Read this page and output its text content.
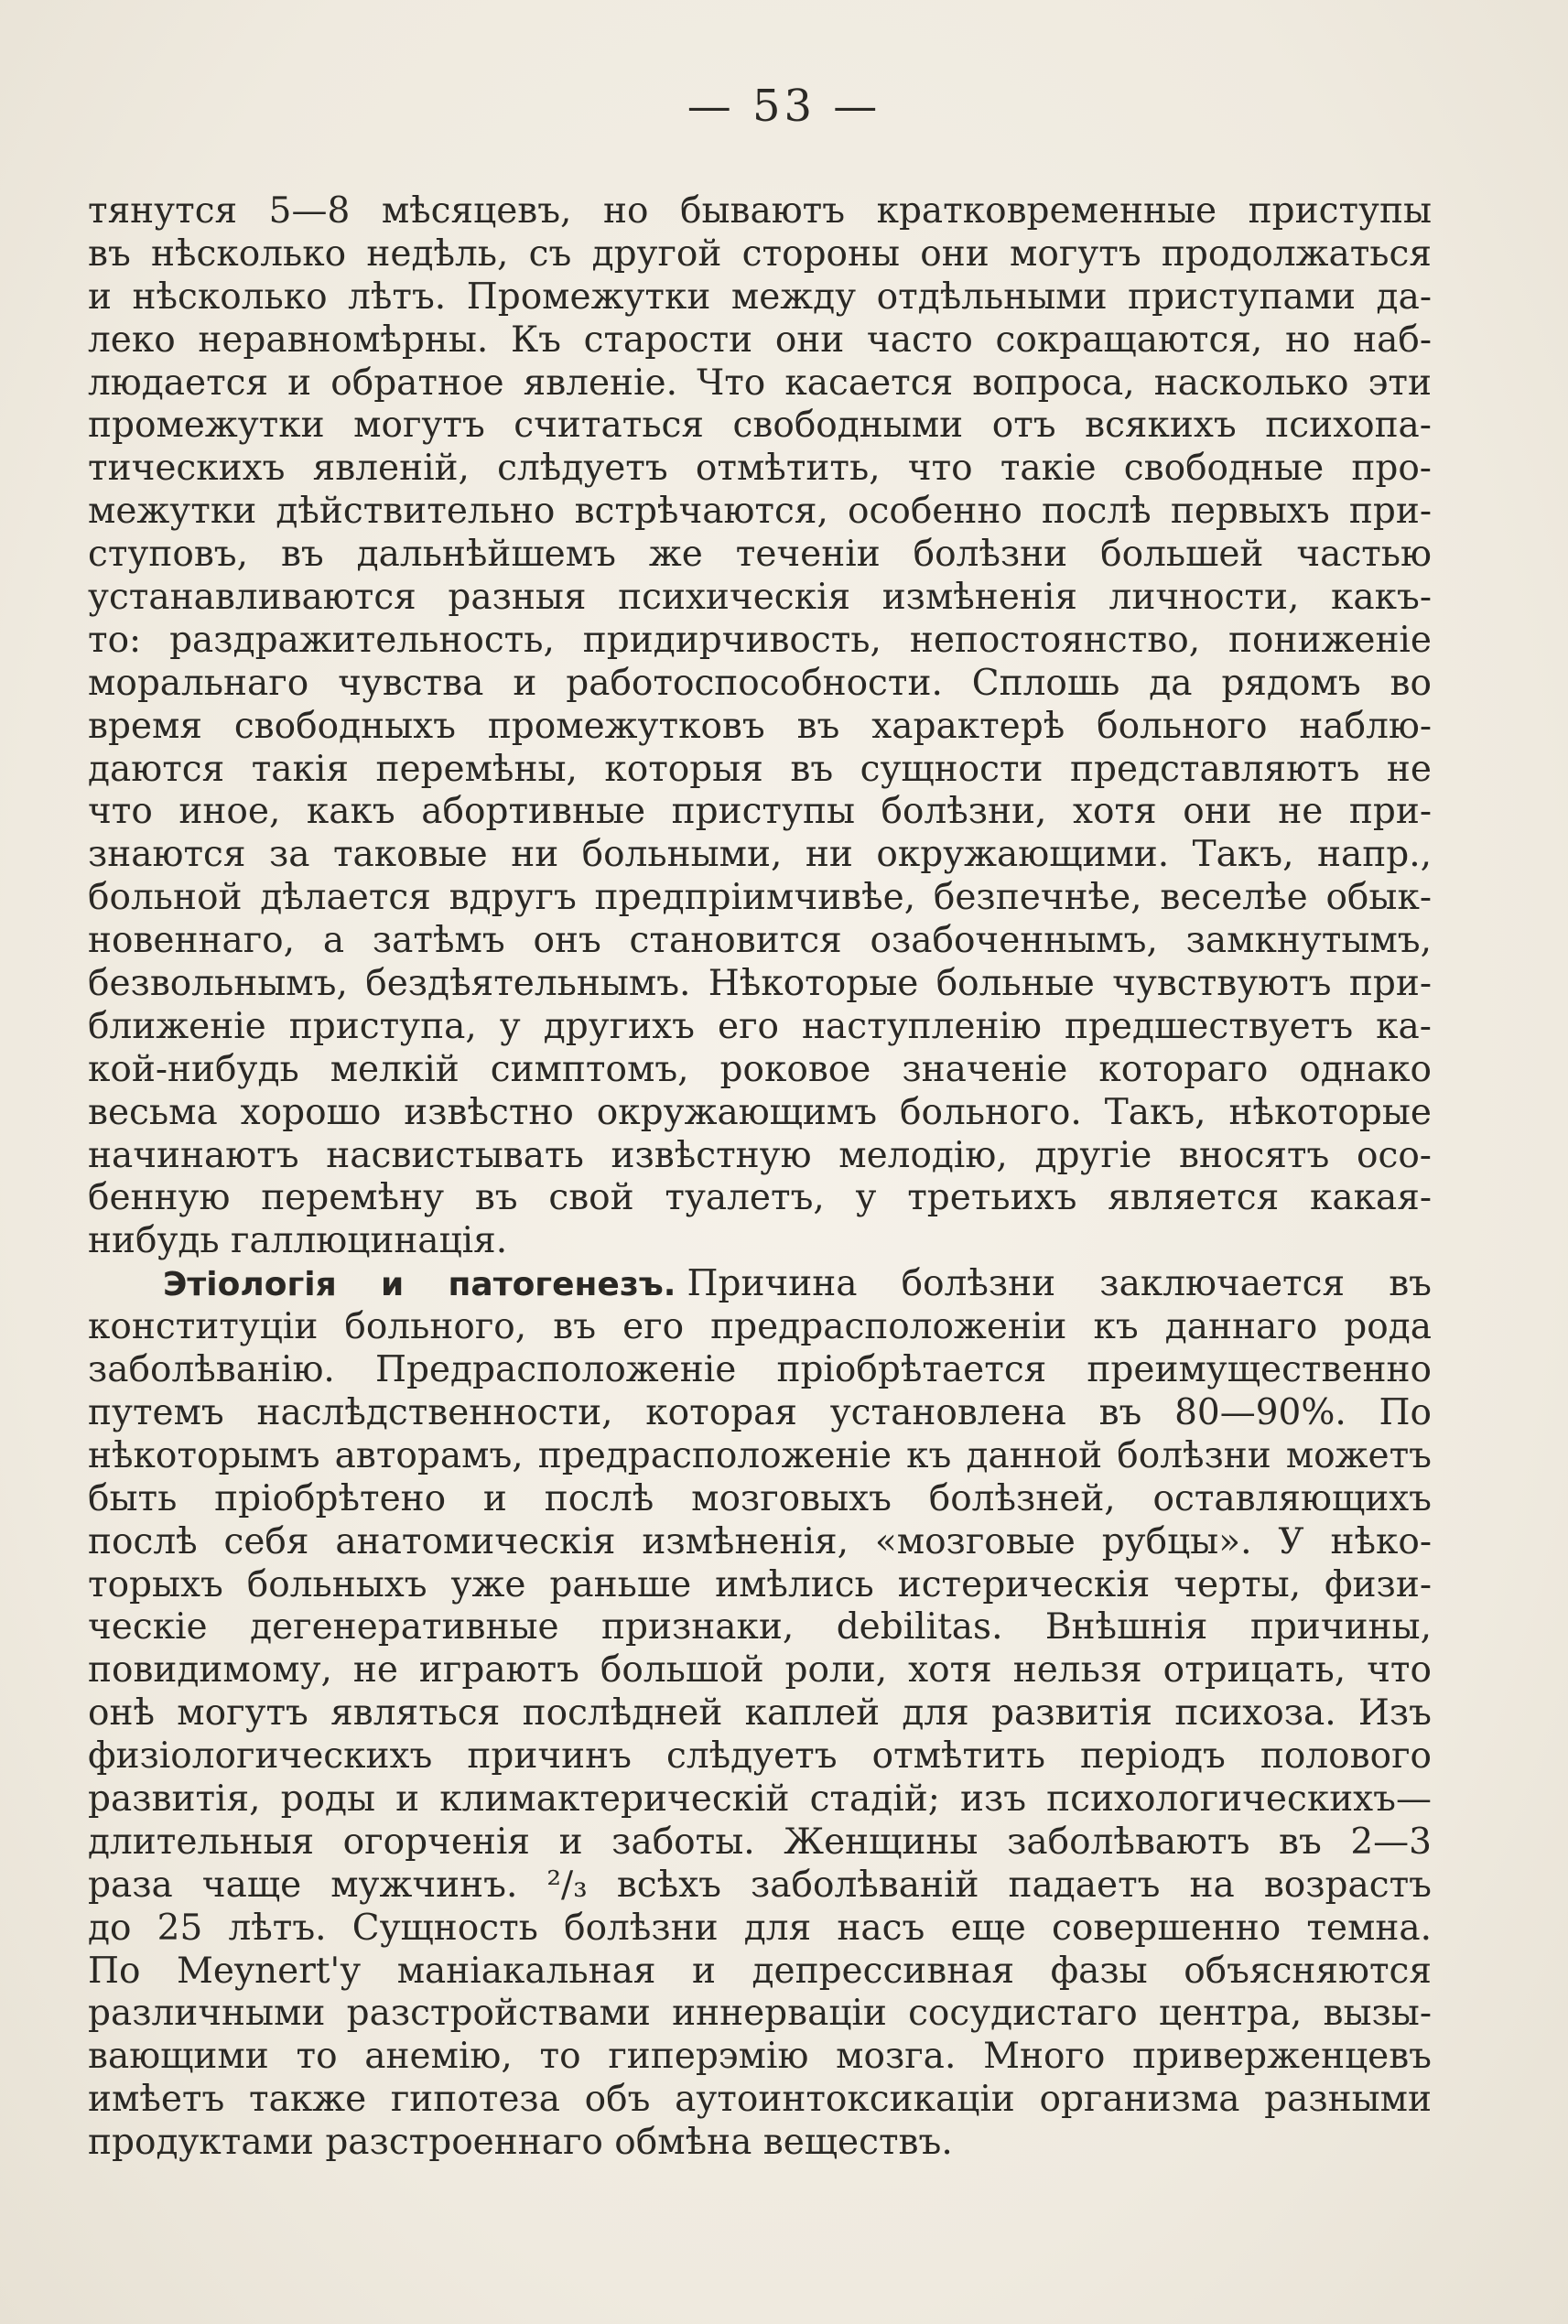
— 53 —
тянутся 5—8 мѣсяцевъ, но бываютъ кратковременные приступы
въ нѣсколько недѣль, съ другой стороны они могутъ продолжаться
и нѣсколько лѣтъ. Промежутки между отдѣльными приступами да-
леко неравномѣрны. Къ старости они часто сокращаются, но наб-
людается и обратное явленіе. Что касается вопроса, насколько эти
промежутки могутъ считаться свободными отъ всякихъ психопа-
тическихъ явленій, слѣдуетъ отмѣтить, что такіе свободные про-
межутки дѣйствительно встрѣчаются, особенно послѣ первыхъ при-
ступовъ, въ дальнѣйшемъ же теченіи болѣзни большей частью
устанавливаются разныя психическія измѣненія личности, какъ-
то: раздражительность, придирчивость, непостоянство, пониженіе
моральнаго чувства и работоспособности. Сплошь да рядомъ во
время свободныхъ промежутковъ въ характерѣ больного наблю-
даются такія перемѣны, которыя въ сущности представляютъ не
что иное, какъ абортивные приступы болѣзни, хотя они не при-
знаются за таковые ни больными, ни окружающими. Такъ, напр.,
больной дѣлается вдругъ предпріимчивѣе, безпечнѣе, веселѣе обык-
новеннаго, а затѣмъ онъ становится озабоченнымъ, замкнутымъ,
безвольнымъ, бездѣятельнымъ. Нѣкоторые больные чувствуютъ при-
ближеніе приступа, у другихъ его наступленію предшествуетъ ка-
кой-нибудь мелкій симптомъ, роковое значеніе котораго однако
весьма хорошо извѣстно окружающимъ больного. Такъ, нѣкоторые
начинаютъ насвистывать извѣстную мелодію, другіе вносятъ осо-
бенную перемѣну въ свой туалетъ, у третьихъ является какая-
нибудь галлюцинація.
Этіологія и патогенезъ. Причина болѣзни заключается въ
конституціи больного, въ его предрасположеніи къ даннаго рода
заболѣванію. Предрасположеніе пріобрѣтается преимущественно
путемъ наслѣдственности, которая установлена въ 80—90%. По
нѣкоторымъ авторамъ, предрасположеніе къ данной болѣзни можетъ
быть пріобрѣтено и послѣ мозговыхъ болѣзней, оставляющихъ
послѣ себя анатомическія измѣненія, «мозговые рубцы». У нѣко-
торыхъ больныхъ уже раньше имѣлись истерическія черты, физи-
ческіе дегенеративные признаки, debilitas. Внѣшнія причины,
повидимому, не играютъ большой роли, хотя нельзя отрицать, что
онѣ могутъ являться послѣдней каплей для развитія психоза. Изъ
физіологическихъ причинъ слѣдуетъ отмѣтить періодъ полового
развитія, роды и климактерическій стадій; изъ психологическихъ—
длительныя огорченія и заботы. Женщины заболѣваютъ въ 2—3
раза чаще мужчинъ. ²/₃ всѣхъ заболѣваній падаетъ на возрастъ
до 25 лѣтъ. Сущность болѣзни для насъ еще совершенно темна.
По Meynert'у маніакальная и депрессивная фазы объясняются
различными разстройствами иннерваціи сосудистаго центра, вызы-
вающими то анемію, то гиперэмію мозга. Много приверженцевъ
имѣетъ также гипотеза объ аутоинтоксикаціи организма разными
продуктами разстроеннаго обмѣна веществъ.
